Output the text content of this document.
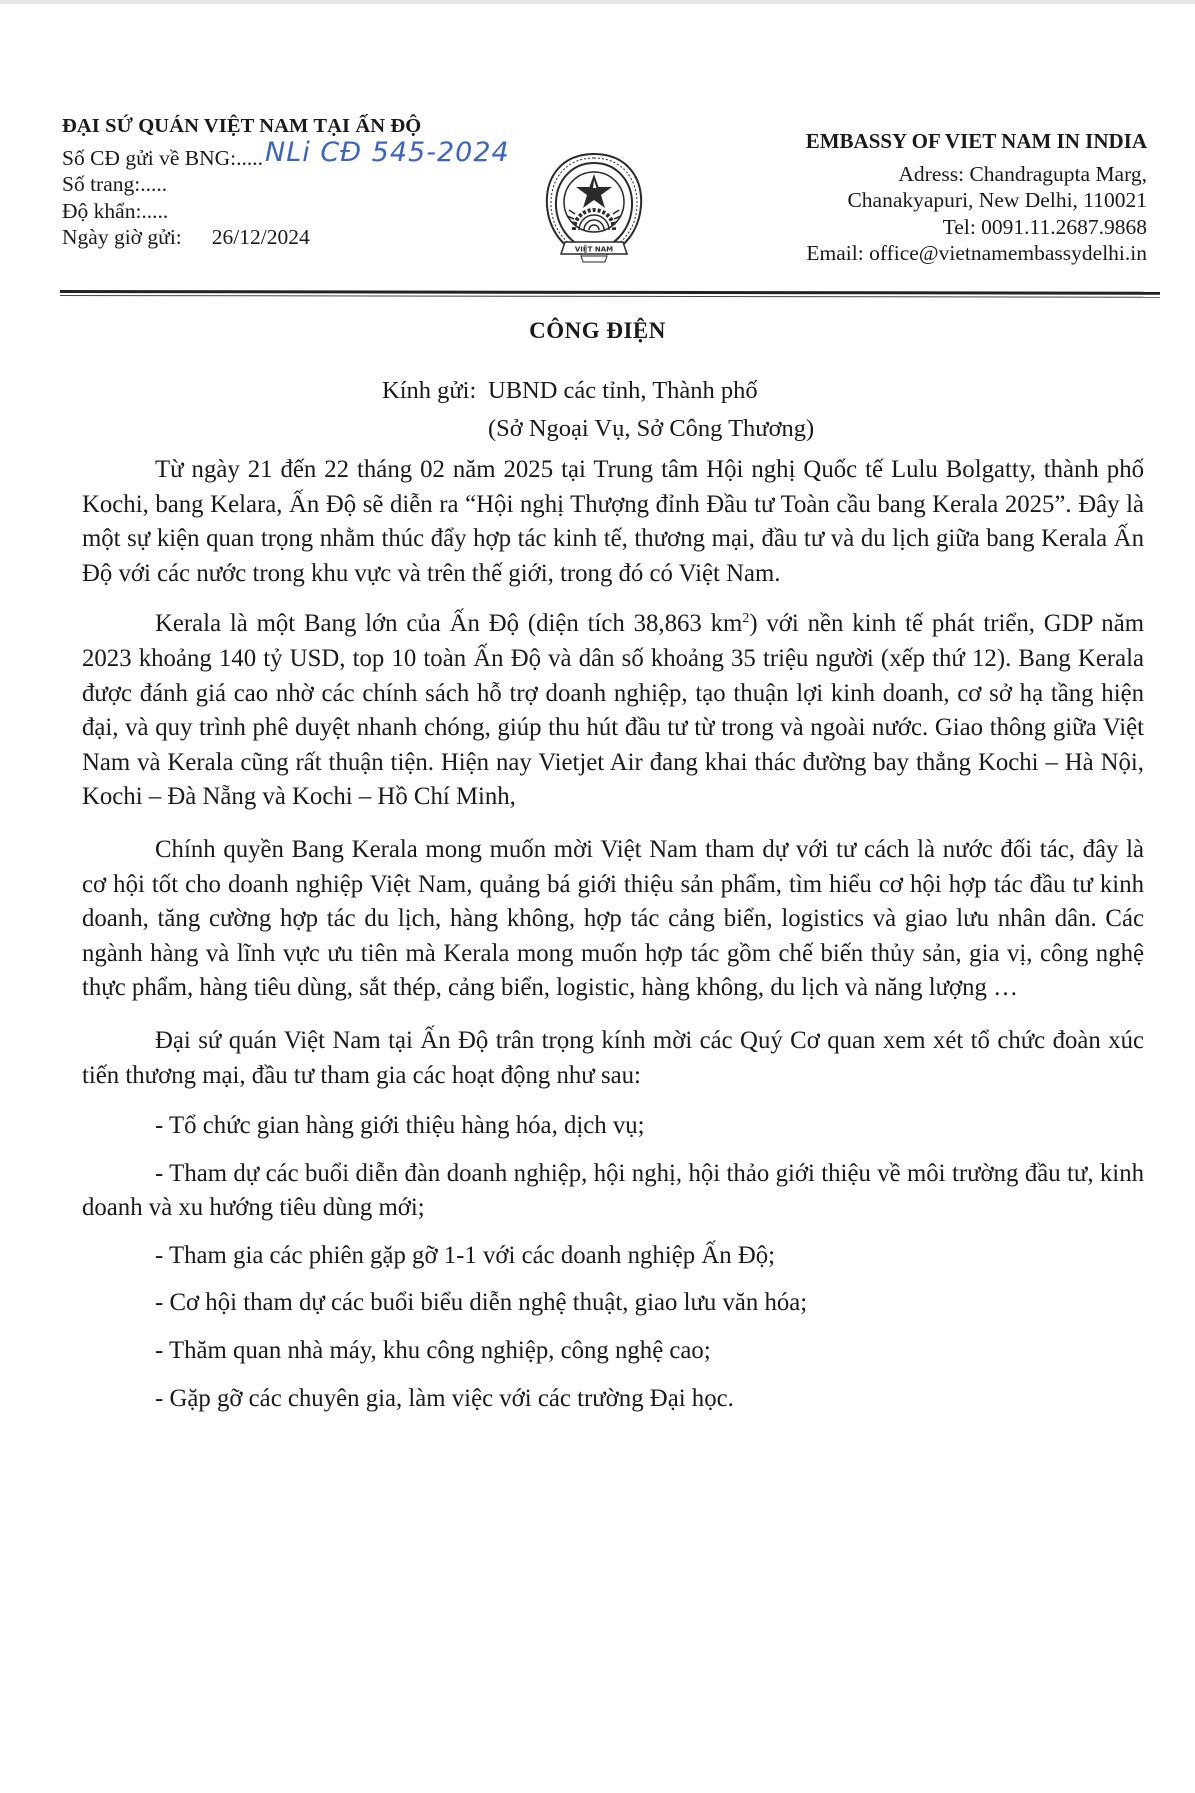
ĐẠI SỨ QUÁN VIỆT NAM TẠI ẤN ĐỘ
Số CĐ gửi về BNG:.....NLi CĐ 545-2024
Số trang:.....
Độ khẩn:.....
Ngày giờ gửi: 26/12/2024
VIỆT NAM
EMBASSY OF VIET NAM IN INDIA
Adress: Chandragupta Marg,
Chanakyapuri, New Delhi, 110021
Tel: 0091.11.2687.9868
Email: office@vietnamembassydelhi.in
CÔNG ĐIỆN
Kính gửi: UBND các tỉnh, Thành phố
(Sở Ngoại Vụ, Sở Công Thương)

Từ ngày 21 đến 22 tháng 02 năm 2025 tại Trung tâm Hội nghị Quốc tế Lulu Bolgatty, thành phố Kochi, bang Kelara, Ấn Độ sẽ diễn ra “Hội nghị Thượng đỉnh Đầu tư Toàn cầu bang Kerala 2025”. Đây là một sự kiện quan trọng nhằm thúc đẩy hợp tác kinh tế, thương mại, đầu tư và du lịch giữa bang Kerala Ấn Độ với các nước trong khu vực và trên thế giới, trong đó có Việt Nam.

Kerala là một Bang lớn của Ấn Độ (diện tích 38,863 $km^2$) với nền kinh tế phát triển, GDP năm 2023 khoảng 140 tỷ USD, top 10 toàn Ấn Độ và dân số khoảng 35 triệu người (xếp thứ 12). Bang Kerala được đánh giá cao nhờ các chính sách hỗ trợ doanh nghiệp, tạo thuận lợi kinh doanh, cơ sở hạ tầng hiện đại, và quy trình phê duyệt nhanh chóng, giúp thu hút đầu tư từ trong và ngoài nước. Giao thông giữa Việt Nam và Kerala cũng rất thuận tiện. Hiện nay Vietjet Air đang khai thác đường bay thẳng Kochi – Hà Nội, Kochi – Đà Nẵng và Kochi – Hồ Chí Minh,

Chính quyền Bang Kerala mong muốn mời Việt Nam tham dự với tư cách là nước đối tác, đây là cơ hội tốt cho doanh nghiệp Việt Nam, quảng bá giới thiệu sản phẩm, tìm hiểu cơ hội hợp tác đầu tư kinh doanh, tăng cường hợp tác du lịch, hàng không, hợp tác cảng biển, logistics và giao lưu nhân dân. Các ngành hàng và lĩnh vực ưu tiên mà Kerala mong muốn hợp tác gồm chế biến thủy sản, gia vị, công nghệ thực phẩm, hàng tiêu dùng, sắt thép, cảng biển, logistic, hàng không, du lịch và năng lượng …

Đại sứ quán Việt Nam tại Ấn Độ trân trọng kính mời các Quý Cơ quan xem xét tổ chức đoàn xúc tiến thương mại, đầu tư tham gia các hoạt động như sau:

- Tổ chức gian hàng giới thiệu hàng hóa, dịch vụ;
- Tham dự các buổi diễn đàn doanh nghiệp, hội nghị, hội thảo giới thiệu về môi trường đầu tư, kinh doanh và xu hướng tiêu dùng mới;
- Tham gia các phiên gặp gỡ 1-1 với các doanh nghiệp Ấn Độ;
- Cơ hội tham dự các buổi biểu diễn nghệ thuật, giao lưu văn hóa;
- Thăm quan nhà máy, khu công nghiệp, công nghệ cao;
- Gặp gỡ các chuyên gia, làm việc với các trường Đại học.
